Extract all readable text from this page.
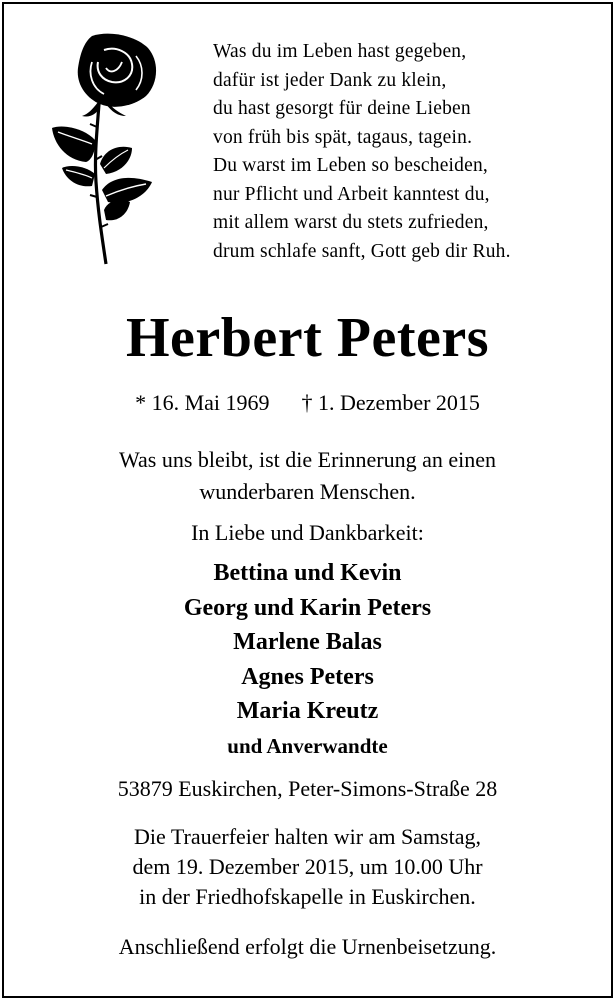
Was du im Leben hast gegeben,
dafür ist jeder Dank zu klein,
du hast gesorgt für deine Lieben
von früh bis spät, tagaus, tagein.
Du warst im Leben so bescheiden,
nur Pflicht und Arbeit kanntest du,
mit allem warst du stets zufrieden,
drum schlafe sanft, Gott geb dir Ruh.
Herbert Peters
* 16. Mai 1969 † 1. Dezember 2015
Was uns bleibt, ist die Erinnerung an einen
wunderbaren Menschen.
In Liebe und Dankbarkeit:
Bettina und Kevin
Georg und Karin Peters
Marlene Balas
Agnes Peters
Maria Kreutz
und Anverwandte
53879 Euskirchen, Peter-Simons-Straße 28
Die Trauerfeier halten wir am Samstag,
dem 19. Dezember 2015, um 10.00 Uhr
in der Friedhofskapelle in Euskirchen.
Anschließend erfolgt die Urnenbeisetzung.
